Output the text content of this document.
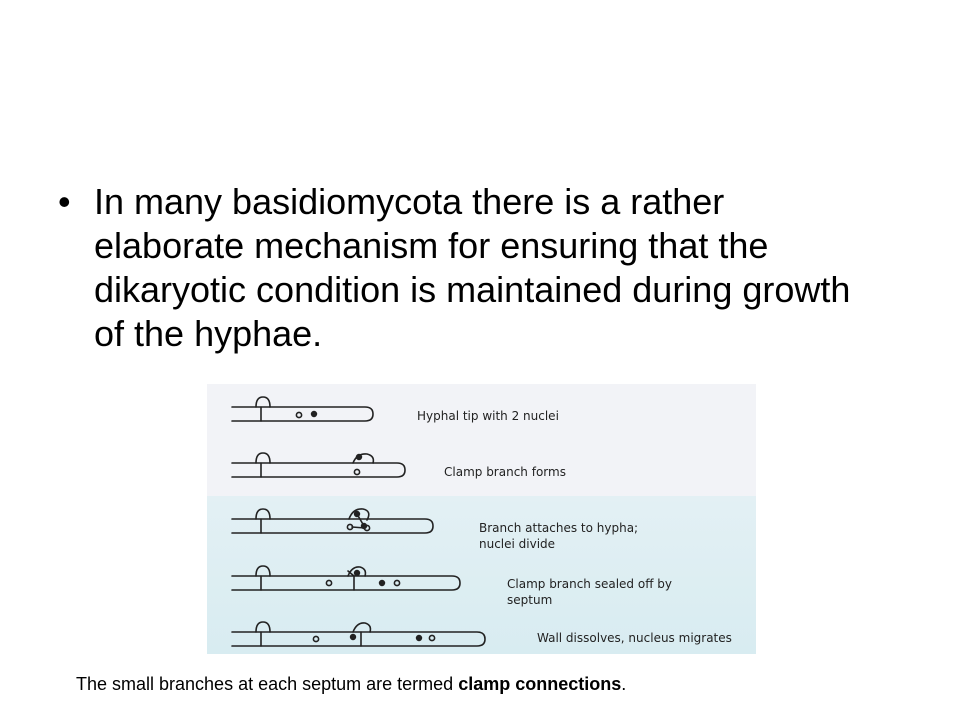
• In many basidiomycota there is a rather elaborate mechanism for ensuring that the dikaryotic condition is maintained during growth of the hyphae.
Hyphal tip with 2 nuclei
Clamp branch forms
Branch attaches to hypha;
nuclei divide
Clamp branch sealed off by
septum
Wall dissolves, nucleus migrates
The small branches at each septum are termed clamp connections.
